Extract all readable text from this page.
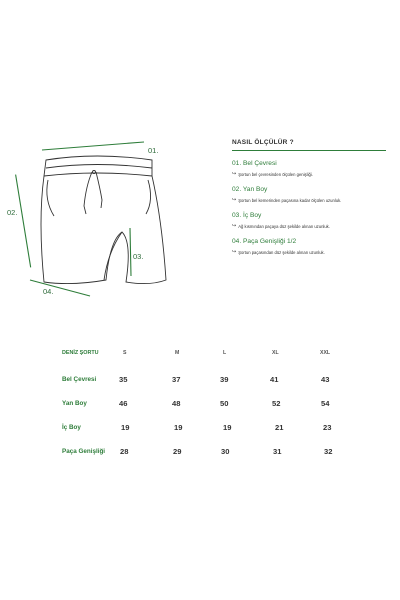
01.
02.
03.
04.
NASIL ÖLÇÜLÜR ?
01. Bel Çevresi
↪ Şortun bel çevresinden ölçülen genişliği.
02. Yan Boy
↪ Şortun bel kemerinden paçasına kadar ölçülen uzunluk.
03. İç Boy
↪ Ağ kısmından paçaya düz şekilde alınan uzunluk.
04. Paça Genişliği 1/2
↪ Şortun paçasından düz şekilde alınan uzunluk.
DENİZ ŞORTU	S	M	L	XL	XXL
Bel Çevresi	35	37	39	41	43
Yan Boy	46	48	50	52	54
İç Boy	19	19	19	21	23
Paça Genişliği 28	29	30	31	32
